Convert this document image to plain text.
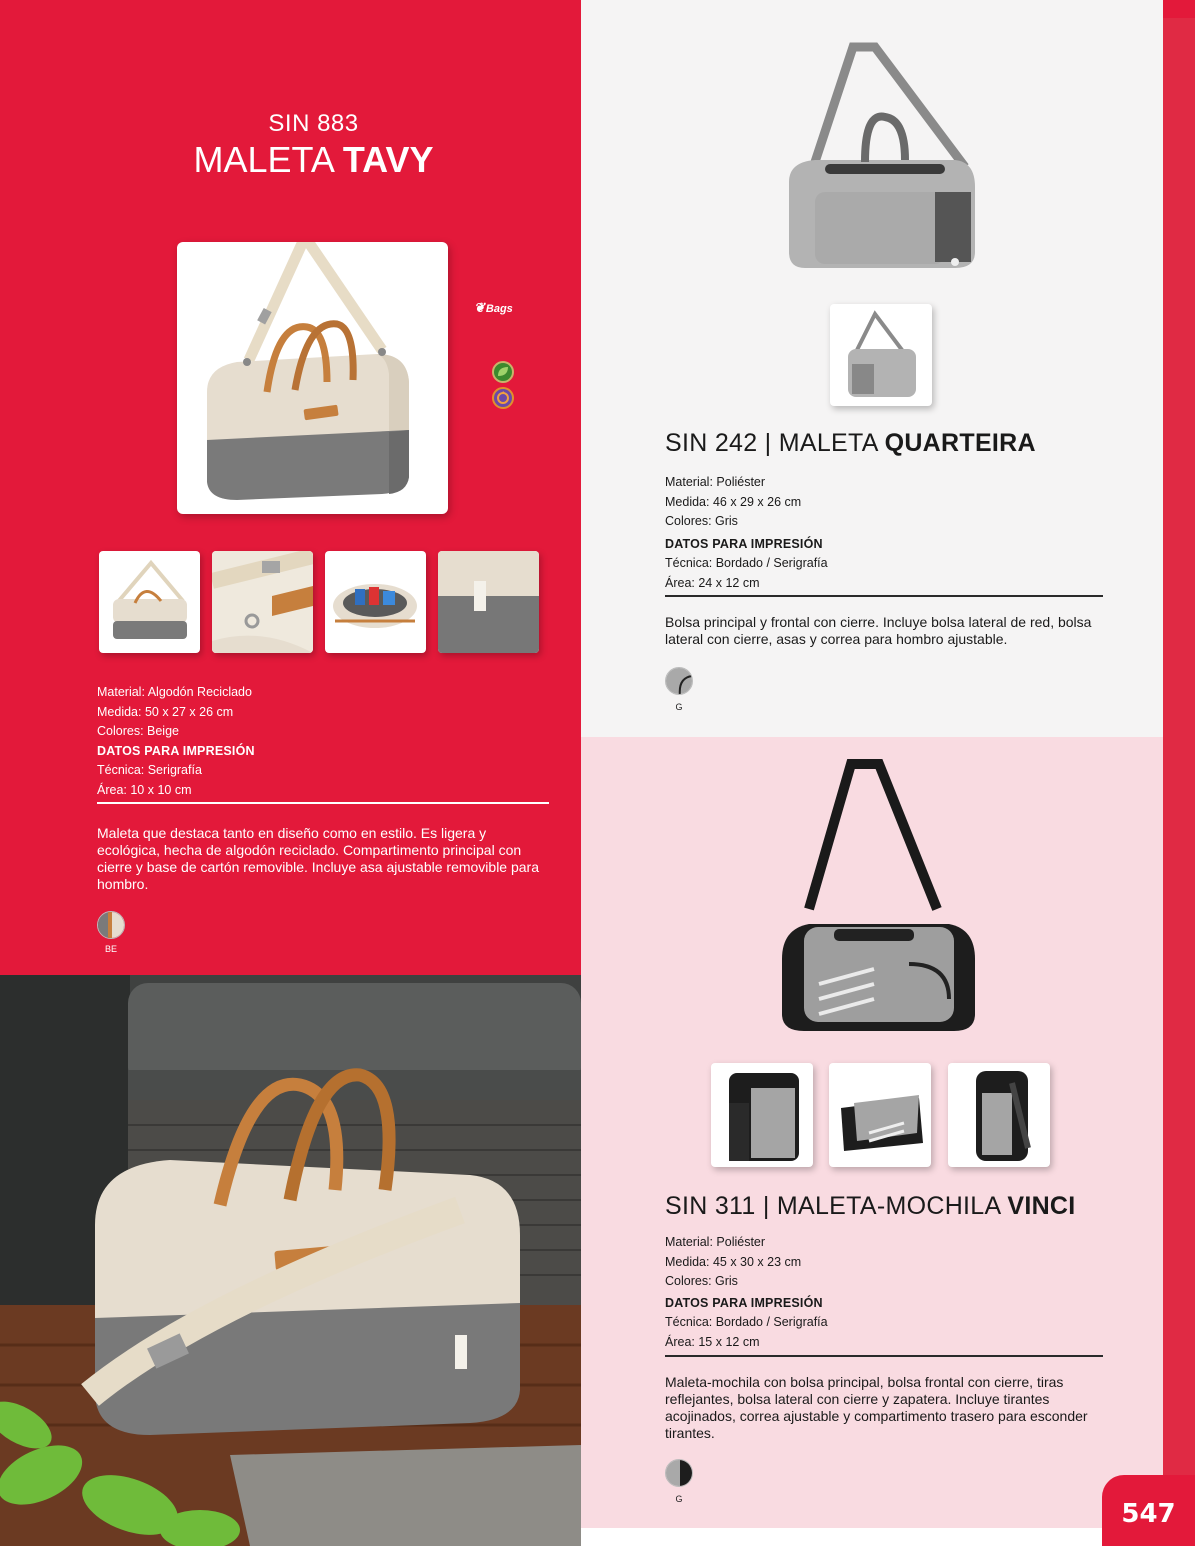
SIN 883
MALETA TAVY
❦Bags
Material: Algodón Reciclado
Medida: 50 x 27 x 26 cm
Colores: Beige
DATOS PARA IMPRESIÓN
Técnica: Serigrafía
Área: 10 x 10 cm
Maleta que destaca tanto en diseño como en estilo. Es ligera y ecológica, hecha de algodón reciclado. Compartimento principal con cierre y base de cartón removible. Incluye asa ajustable removible para hombro.
BE
SIN 242 | MALETA QUARTEIRA
Material: Poliéster
Medida: 46 x 29 x 26 cm
Colores: Gris
DATOS PARA IMPRESIÓN
Técnica: Bordado / Serigrafía
Área: 24 x 12 cm
Bolsa principal y frontal con cierre. Incluye bolsa lateral de red, bolsa lateral con cierre, asas y correa para hombro ajustable.
G
SIN 311 | MALETA-MOCHILA VINCI
Material: Poliéster
Medida: 45 x 30 x 23 cm
Colores: Gris
DATOS PARA IMPRESIÓN
Técnica: Bordado / Serigrafía
Área: 15 x 12 cm
Maleta-mochila con bolsa principal, bolsa frontal con cierre, tiras reflejantes, bolsa lateral con cierre y zapatera. Incluye tirantes acojinados, correa ajustable y compartimento trasero para esconder tirantes.
G	547
